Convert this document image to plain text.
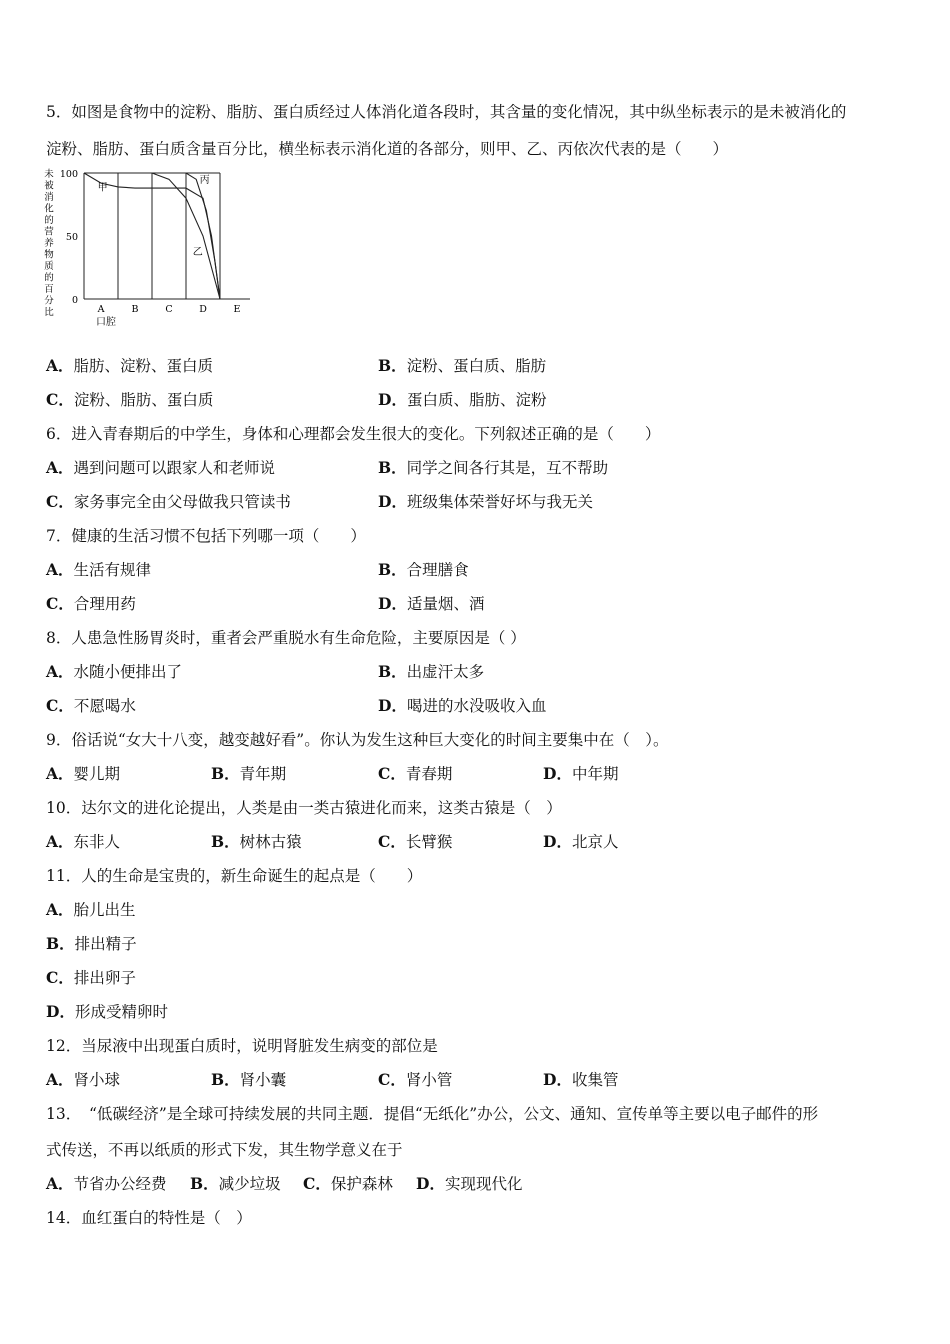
5．如图是食物中的淀粉、脂肪、蛋白质经过人体消化道各段时，其含量的变化情况，其中纵坐标表示的是未被消化的
淀粉、脂肪、蛋白质含量百分比，横坐标表示消化道的各部分，则甲、乙、丙依次代表的是（　　）
未
被
消
化
的
营
养
物
质
的
百
分
比
100
50
0
甲
乙
丙
A	B	C	D	E
口腔
A．脂肪、淀粉、蛋白质	B．淀粉、蛋白质、脂肪
C．淀粉、脂肪、蛋白质	D．蛋白质、脂肪、淀粉
6．进入青春期后的中学生，身体和心理都会发生很大的变化。下列叙述正确的是（　　）
A．遇到问题可以跟家人和老师说	B．同学之间各行其是，互不帮助
C．家务事完全由父母做我只管读书	D．班级集体荣誉好坏与我无关
7．健康的生活习惯不包括下列哪一项（　　）
A．生活有规律	B．合理膳食
C．合理用药	D．适量烟、酒
8．人患急性肠胃炎时，重者会严重脱水有生命危险，主要原因是（ ）
A．水随小便排出了	B．出虚汗太多
C．不愿喝水	D．喝进的水没吸收入血
9．俗话说“女大十八变，越变越好看”。你认为发生这种巨大变化的时间主要集中在（　）。
A．婴儿期	B．青年期	C．青春期	D．中年期
10．达尔文的进化论提出，人类是由一类古猿进化而来，这类古猿是（　）
A．东非人	B．树林古猿	C．长臂猴	D．北京人
11．人的生命是宝贵的，新生命诞生的起点是（　　）
A．胎儿出生
B．排出精子
C．排出卵子
D．形成受精卵时
12．当尿液中出现蛋白质时，说明肾脏发生病变的部位是
A．肾小球	B．肾小囊	C．肾小管	D．收集管
13．　“低碳经济”是全球可持续发展的共同主题．提倡“无纸化”办公，公文、通知、宣传单等主要以电子邮件的形
式传送，不再以纸质的形式下发，其生物学意义在于
A．节省办公经费 B．减少垃圾 C．保护森林 D．实现现代化
14．血红蛋白的特性是（　）
